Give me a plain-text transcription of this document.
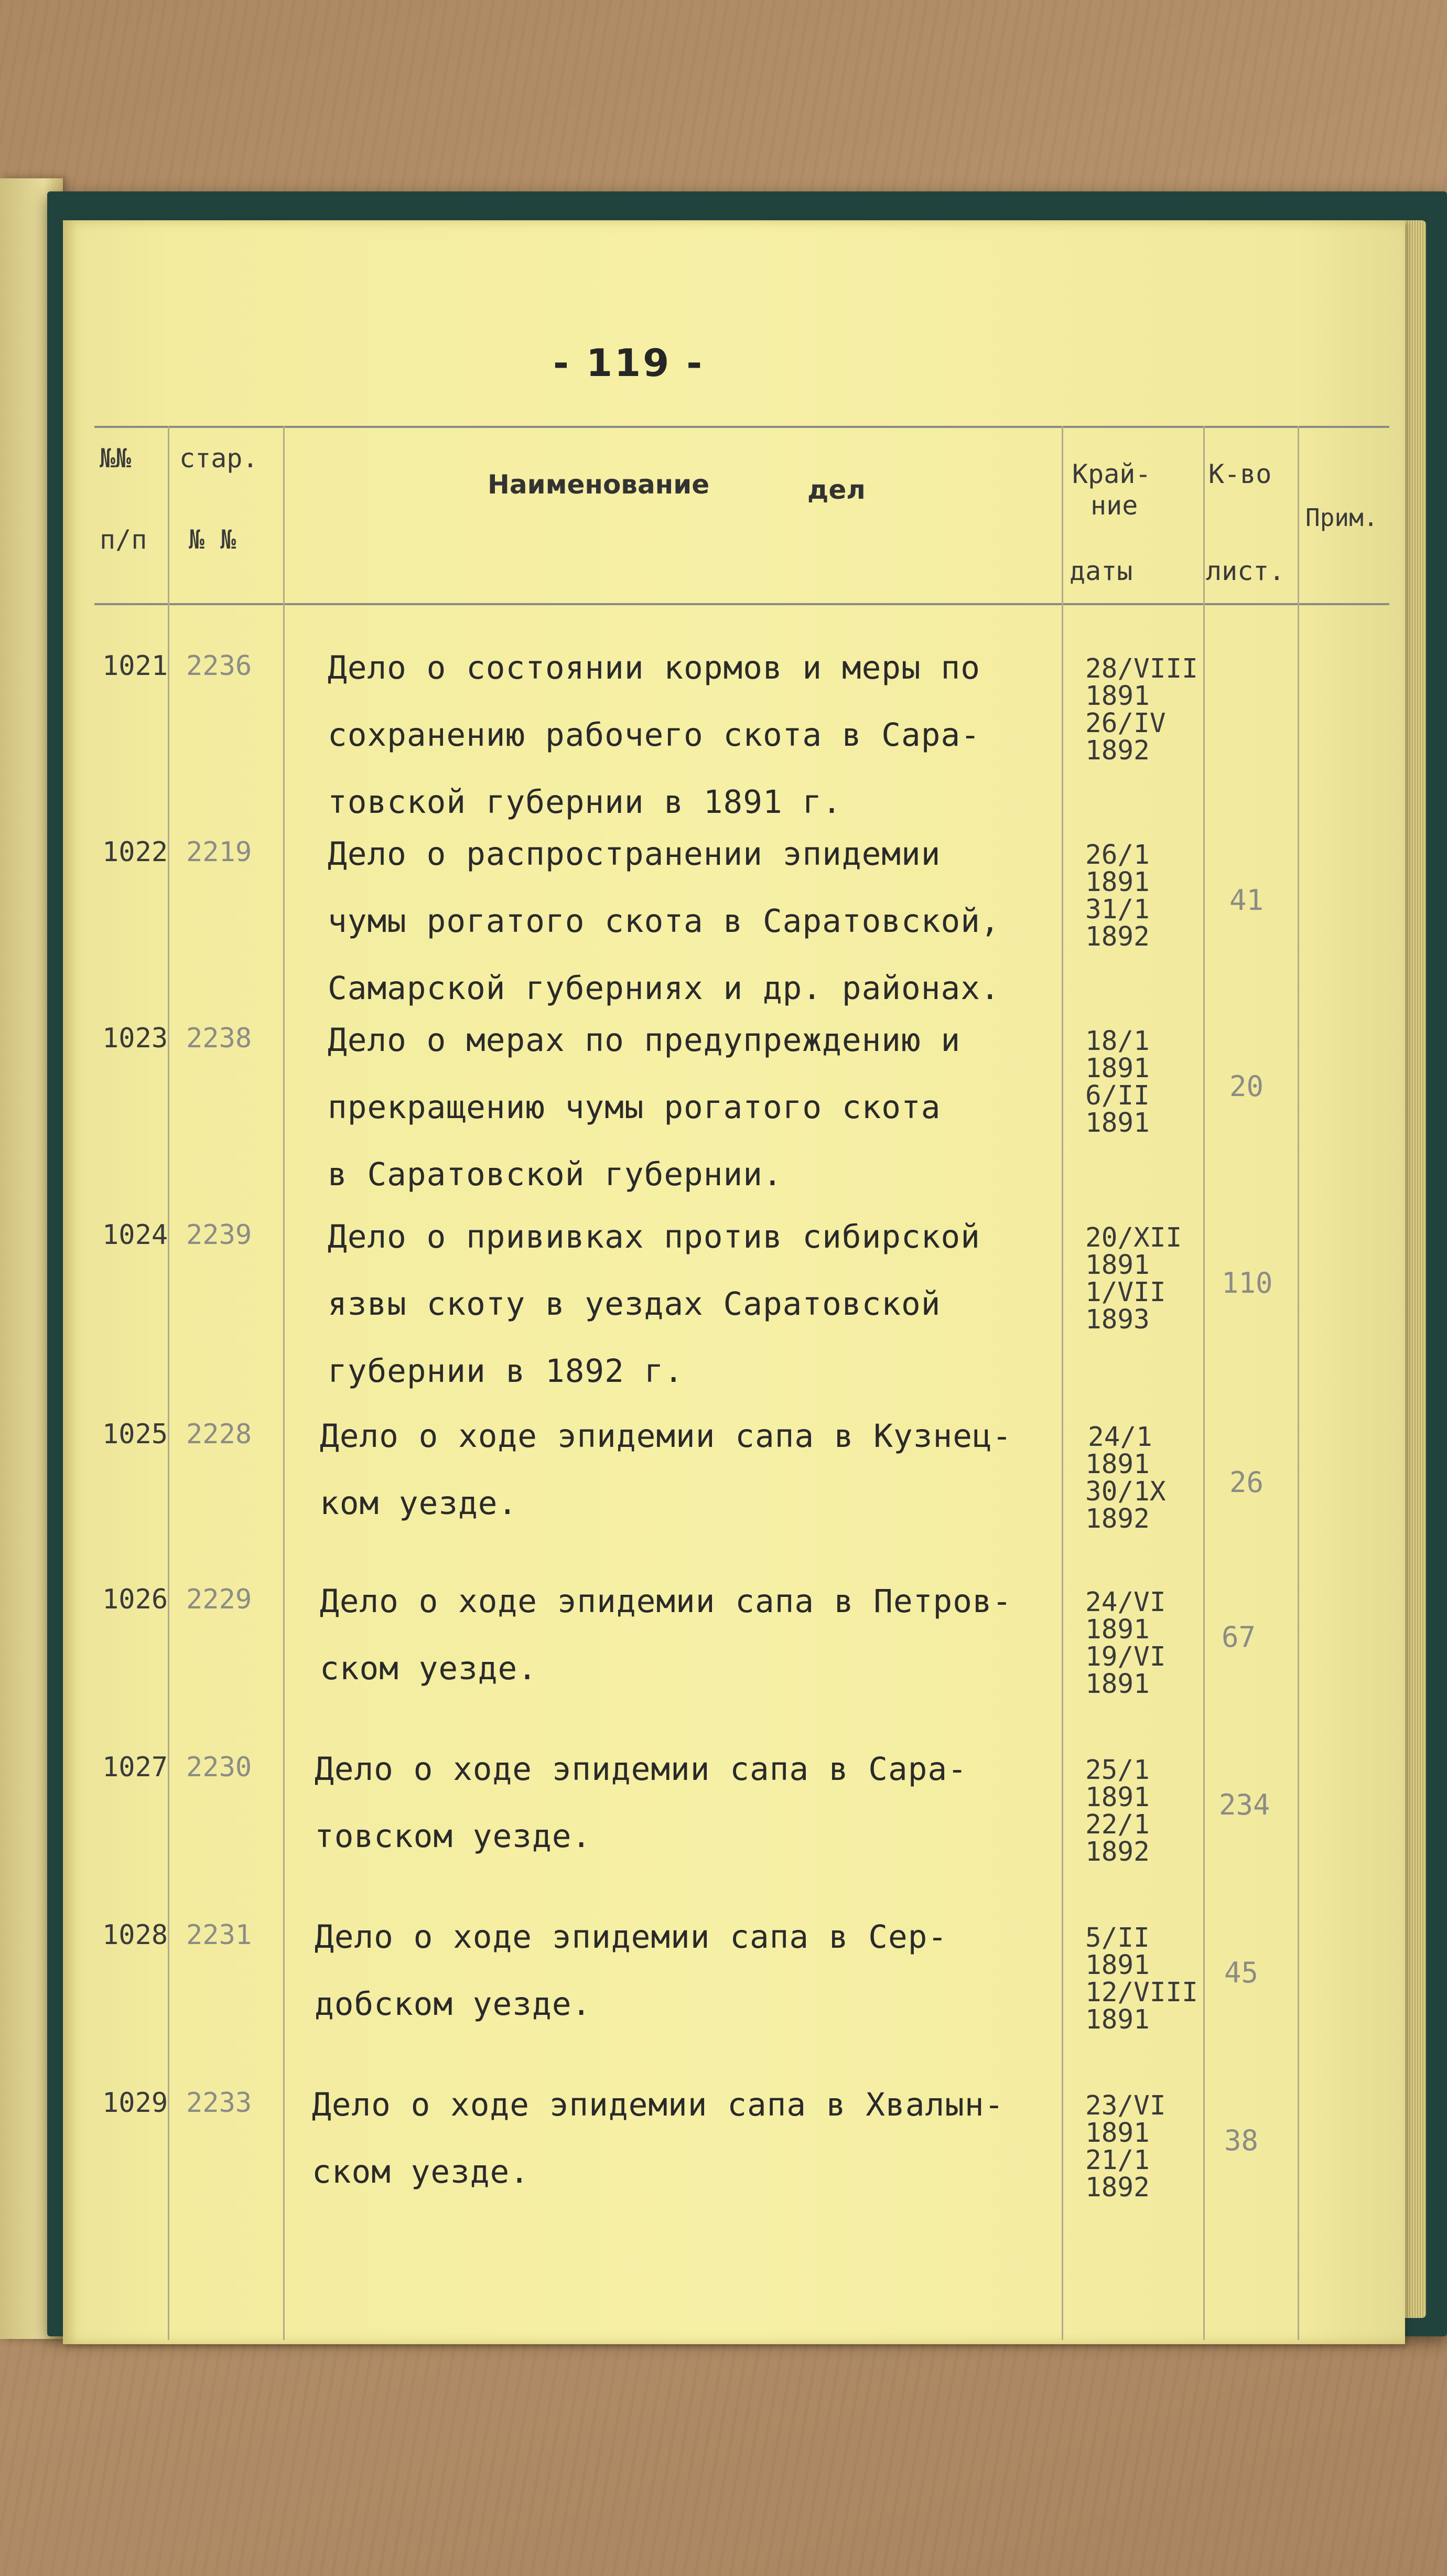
- 119 -
№№
п/п
стар.
№ №
Наименование	дел
Край-
ние
даты
К-во
лист.
Прим.
1021 2236 Дело о состоянии кормов и меры по
сохранению рабочего скота в Сара-
товской губернии в 1891 г.
28/VIII
1891
26/IV
1892
1022 2219 Дело о распространении эпидемии
чумы рогатого скота в Саратовской,
Самарской губерниях и др. районах.
26/1
1891
31/1
1892
41
1023 2238 Дело о мерах по предупреждению и
прекращению чумы рогатого скота
в Саратовской губернии.
18/1
1891
6/II
1891
20
1024 2239 Дело о прививках против сибирской
язвы скоту в уездах Саратовской
губернии в 1892 г.
20/XII
1891
1/VII
1893
110
1025 2228 Дело о ходе эпидемии сапа в Кузнец-
ком уезде.
24/1
1891
30/1X
1892
26
1026 2229 Дело о ходе эпидемии сапа в Петров-
ском уезде.
24/VI
1891
19/VI
1891
67
1027 2230 Дело о ходе эпидемии сапа в Сара-
товском уезде.
25/1
1891
22/1
1892
234
1028 2231 Дело о ходе эпидемии сапа в Сер-
добском уезде.
5/II
1891
12/VIII
1891
45
1029 2233 Дело о ходе эпидемии сапа в Хвалын-
ском уезде.
23/VI
1891
21/1
1892
38
